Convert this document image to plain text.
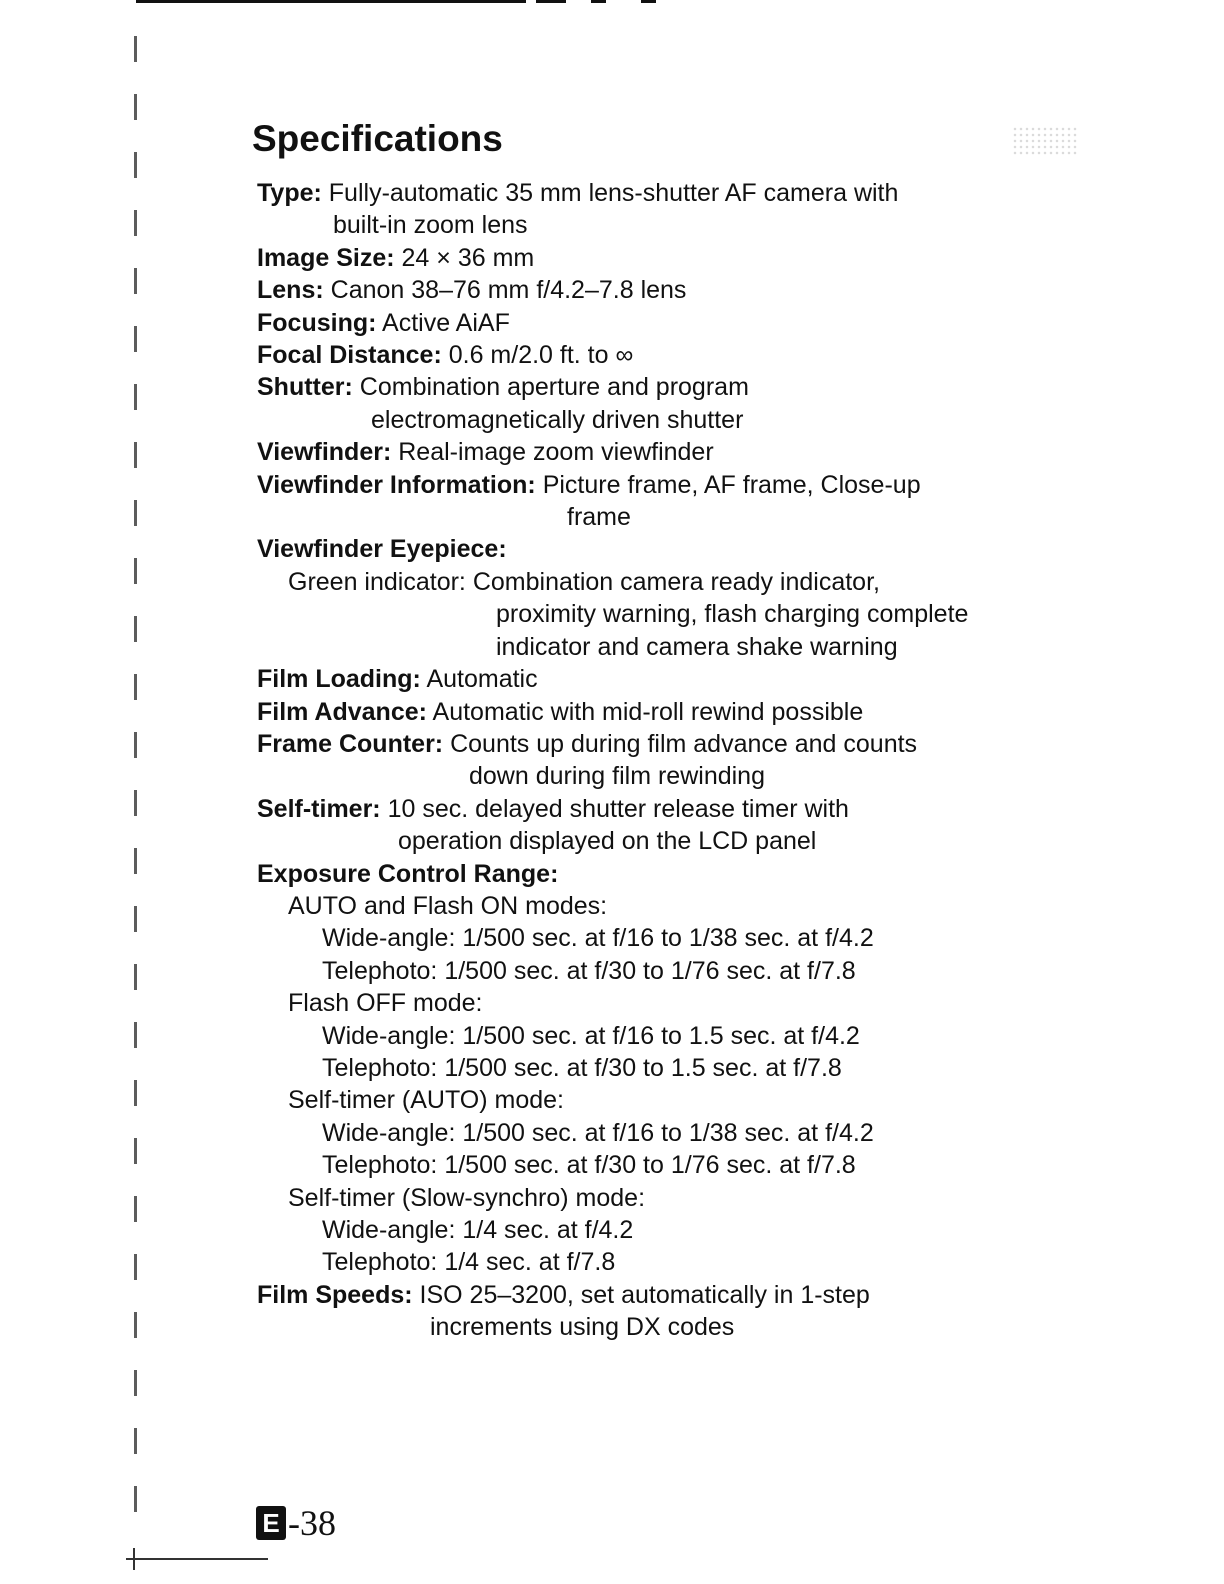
Specifications
Type: Fully-automatic 35 mm lens-shutter AF camera with
built-in zoom lens
Image Size: 24 × 36 mm
Lens: Canon 38–76 mm f/4.2–7.8 lens
Focusing: Active AiAF
Focal Distance: 0.6 m/2.0 ft. to ∞
Shutter: Combination aperture and program
electromagnetically driven shutter
Viewfinder: Real-image zoom viewfinder
Viewfinder Information: Picture frame, AF frame, Close-up
frame
Viewfinder Eyepiece:
Green indicator: Combination camera ready indicator,
proximity warning, flash charging complete
indicator and camera shake warning
Film Loading: Automatic
Film Advance: Automatic with mid-roll rewind possible
Frame Counter: Counts up during film advance and counts
down during film rewinding
Self-timer: 10 sec. delayed shutter release timer with
operation displayed on the LCD panel
Exposure Control Range:
AUTO and Flash ON modes:
Wide-angle: 1/500 sec. at f/16 to 1/38 sec. at f/4.2
Telephoto: 1/500 sec. at f/30 to 1/76 sec. at f/7.8
Flash OFF mode:
Wide-angle: 1/500 sec. at f/16 to 1.5 sec. at f/4.2
Telephoto: 1/500 sec. at f/30 to 1.5 sec. at f/7.8
Self-timer (AUTO) mode:
Wide-angle: 1/500 sec. at f/16 to 1/38 sec. at f/4.2
Telephoto: 1/500 sec. at f/30 to 1/76 sec. at f/7.8
Self-timer (Slow-synchro) mode:
Wide-angle: 1/4 sec. at f/4.2
Telephoto: 1/4 sec. at f/7.8
Film Speeds: ISO 25–3200, set automatically in 1-step
increments using DX codes
E -38
